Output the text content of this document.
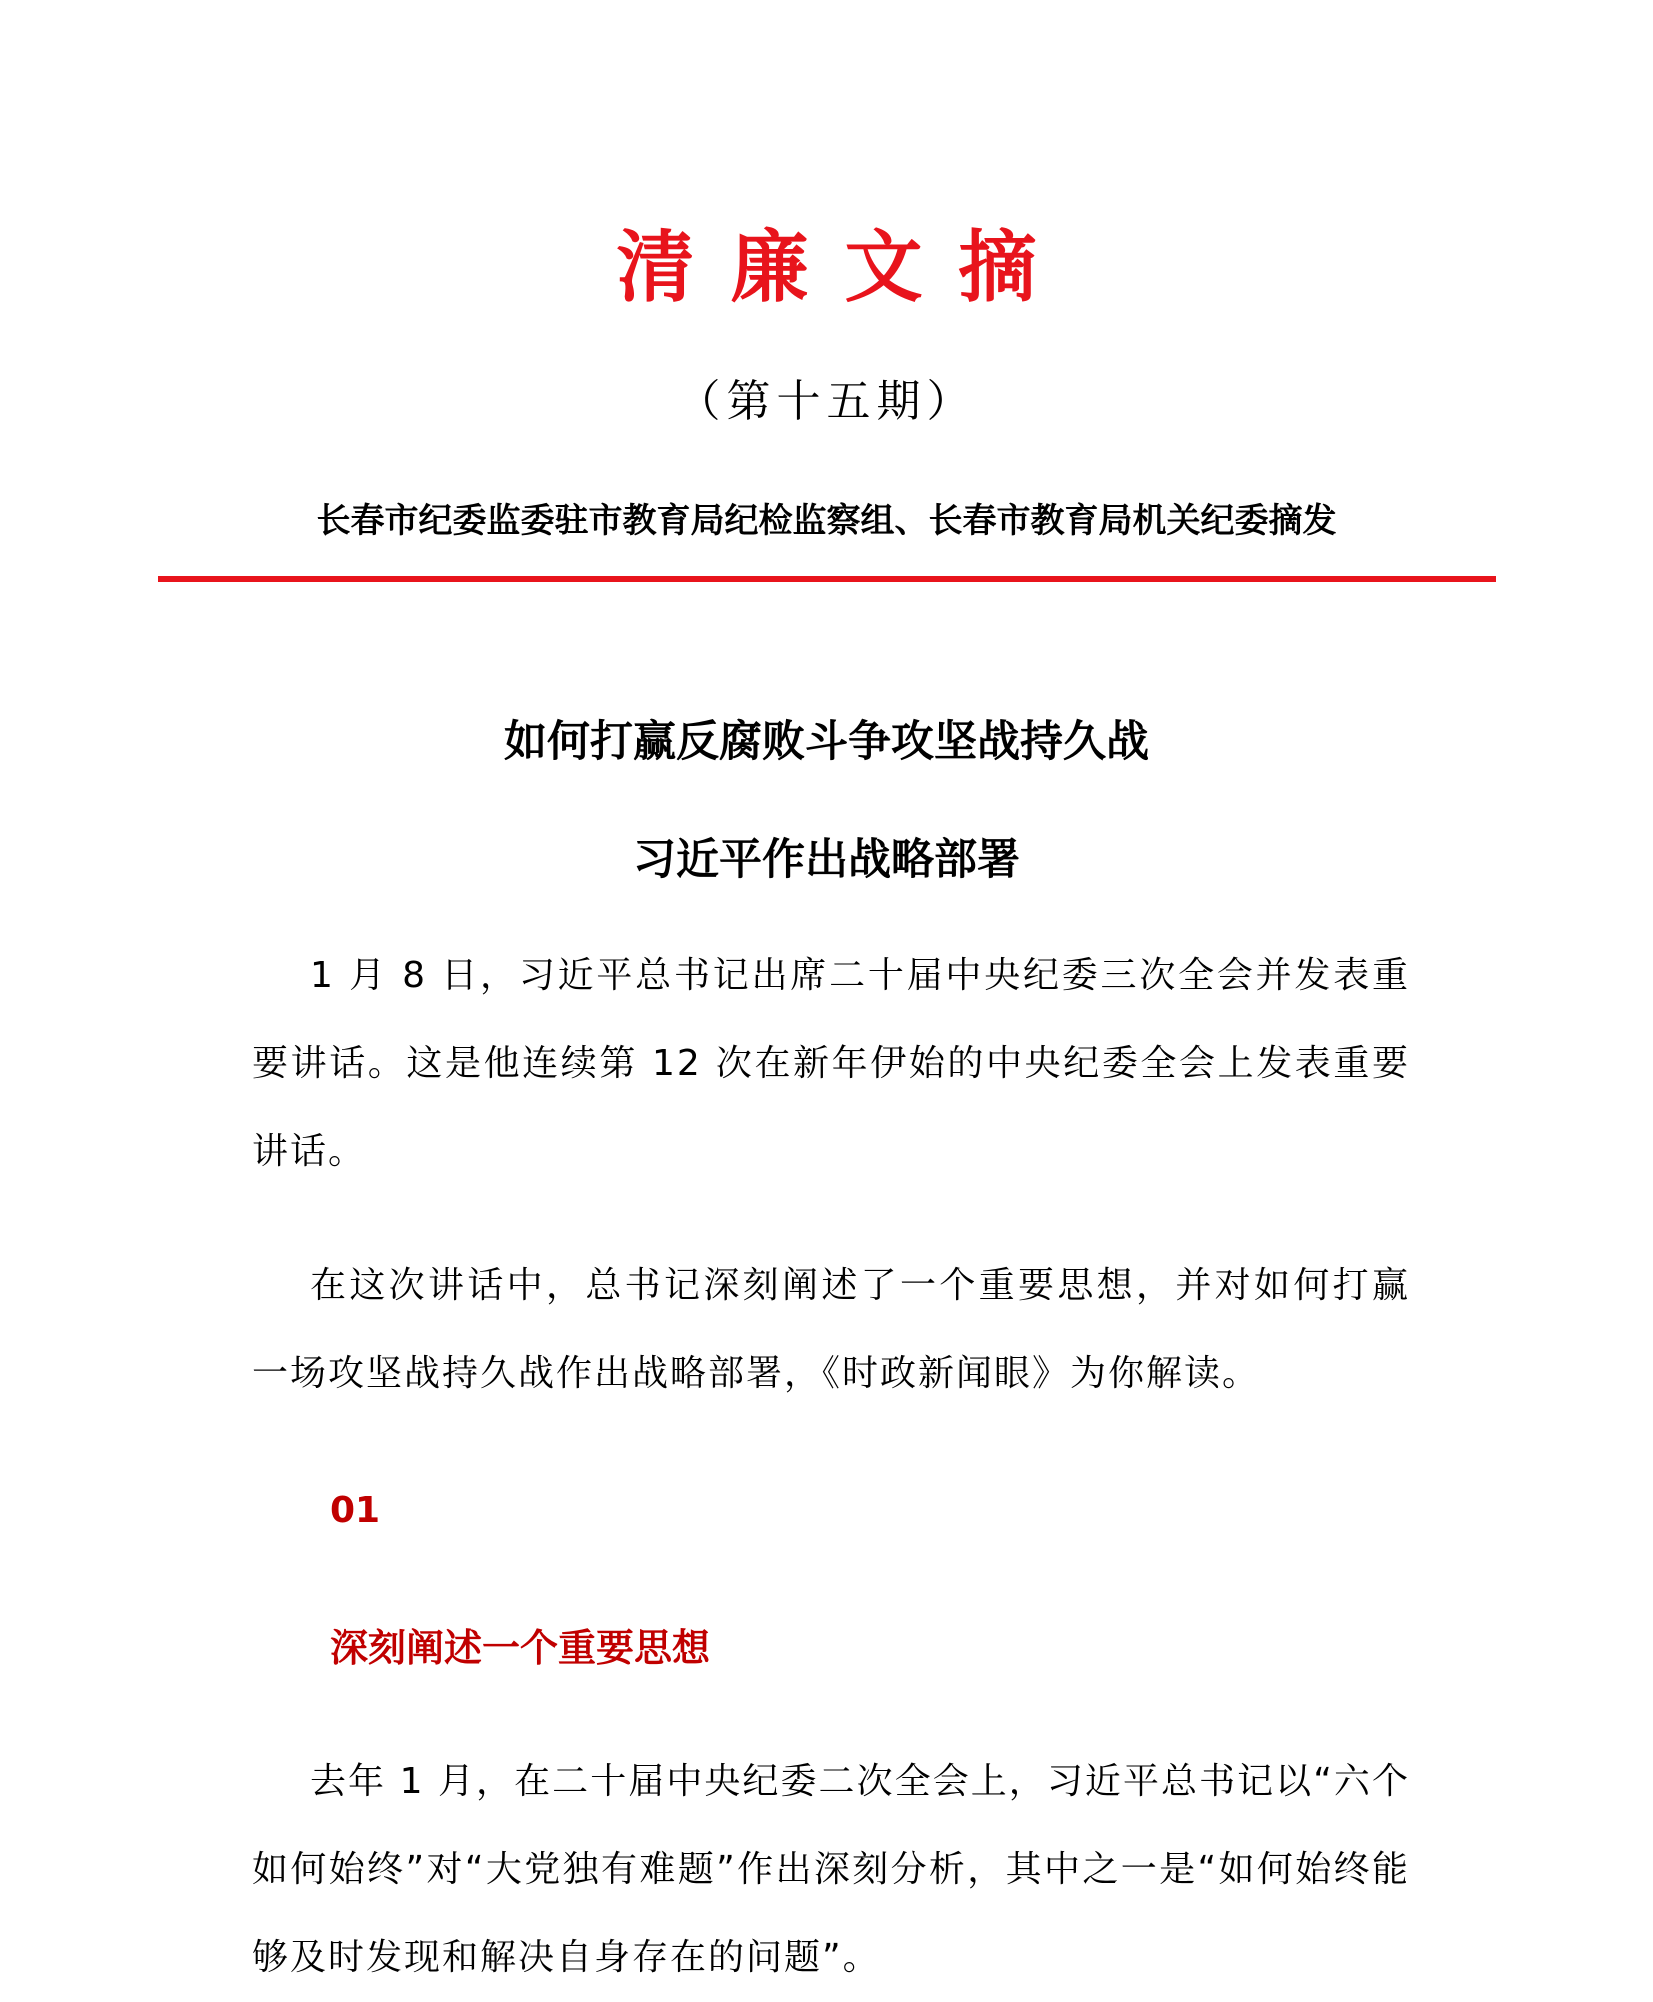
清廉文摘
（第十五期）
长春市纪委监委驻市教育局纪检监察组、长春市教育局机关纪委摘发
如何打赢反腐败斗争攻坚战持久战
习近平作出战略部署

1 月 8 日，习近平总书记出席二十届中央纪委三次全会并发表重要讲话。这是他连续第 12 次在新年伊始的中央纪委全会上发表重要讲话。

在这次讲话中，总书记深刻阐述了一个重要思想，并对如何打赢一场攻坚战持久战作出战略部署，《时政新闻眼》为你解读。

01
深刻阐述一个重要思想

去年 1 月，在二十届中央纪委二次全会上，习近平总书记以“六个如何始终”对“大党独有难题”作出深刻分析，其中之一是“如何始终能够及时发现和解决自身存在的问题”。
